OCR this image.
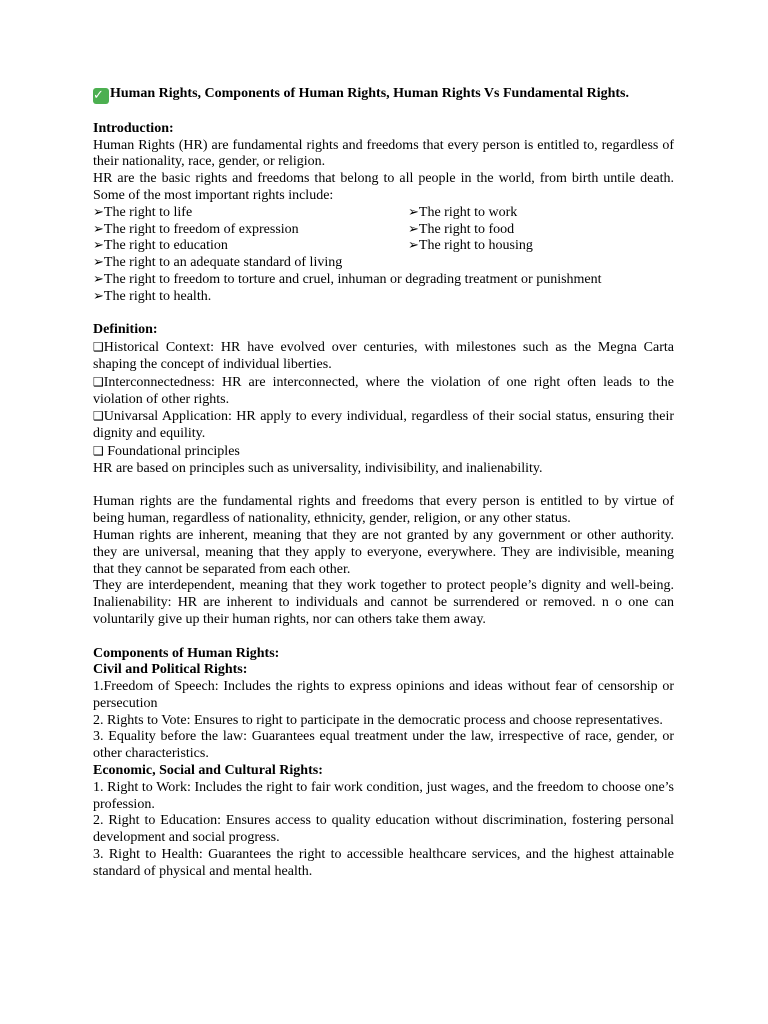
✓ Human Rights, Components of Human Rights, Human Rights Vs Fundamental Rights.

Introduction:

Human Rights (HR) are fundamental rights and freedoms that every person is entitled to, regardless of their nationality, race, gender, or religion.

HR are the basic rights and freedoms that belong to all people in the world, from birth untile death. Some of the most important rights include:

➢The right to life	➢The right to work
➢The right to freedom of expression	➢The right to food
➢The right to education	➢The right to housing
➢The right to an adequate standard of living
➢The right to freedom to torture and cruel, inhuman or degrading treatment or punishment
➢The right to health.

Definition:

❑Historical Context: HR have evolved over centuries, with milestones such as the Megna Carta shaping the concept of individual liberties.

❑Interconnectedness: HR are interconnected, where the violation of one right often leads to the violation of other rights.

❑Univarsal Application: HR apply to every individual, regardless of their social status, ensuring their dignity and equility.

❑ Foundational principles

HR are based on principles such as universality, indivisibility, and inalienability.

Human rights are the fundamental rights and freedoms that every person is entitled to by virtue of being human, regardless of nationality, ethnicity, gender, religion, or any other status.

Human rights are inherent, meaning that they are not granted by any government or other authority. they are universal, meaning that they apply to everyone, everywhere. They are indivisible, meaning that they cannot be separated from each other.

They are interdependent, meaning that they work together to protect people’s dignity and well-being. Inalienability: HR are inherent to individuals and cannot be surrendered or removed. n o one can voluntarily give up their human rights, nor can others take them away.

Components of Human Rights:

Civil and Political Rights:

1.Freedom of Speech: Includes the rights to express opinions and ideas without fear of censorship or persecution

2. Rights to Vote: Ensures to right to participate in the democratic process and choose representatives.

3. Equality before the law: Guarantees equal treatment under the law, irrespective of race, gender, or other characteristics.

Economic, Social and Cultural Rights:

1. Right to Work: Includes the right to fair work condition, just wages, and the freedom to choose one’s profession.

2. Right to Education: Ensures access to quality education without discrimination, fostering personal development and social progress.

3. Right to Health: Guarantees the right to accessible healthcare services, and the highest attainable standard of physical and mental health.
